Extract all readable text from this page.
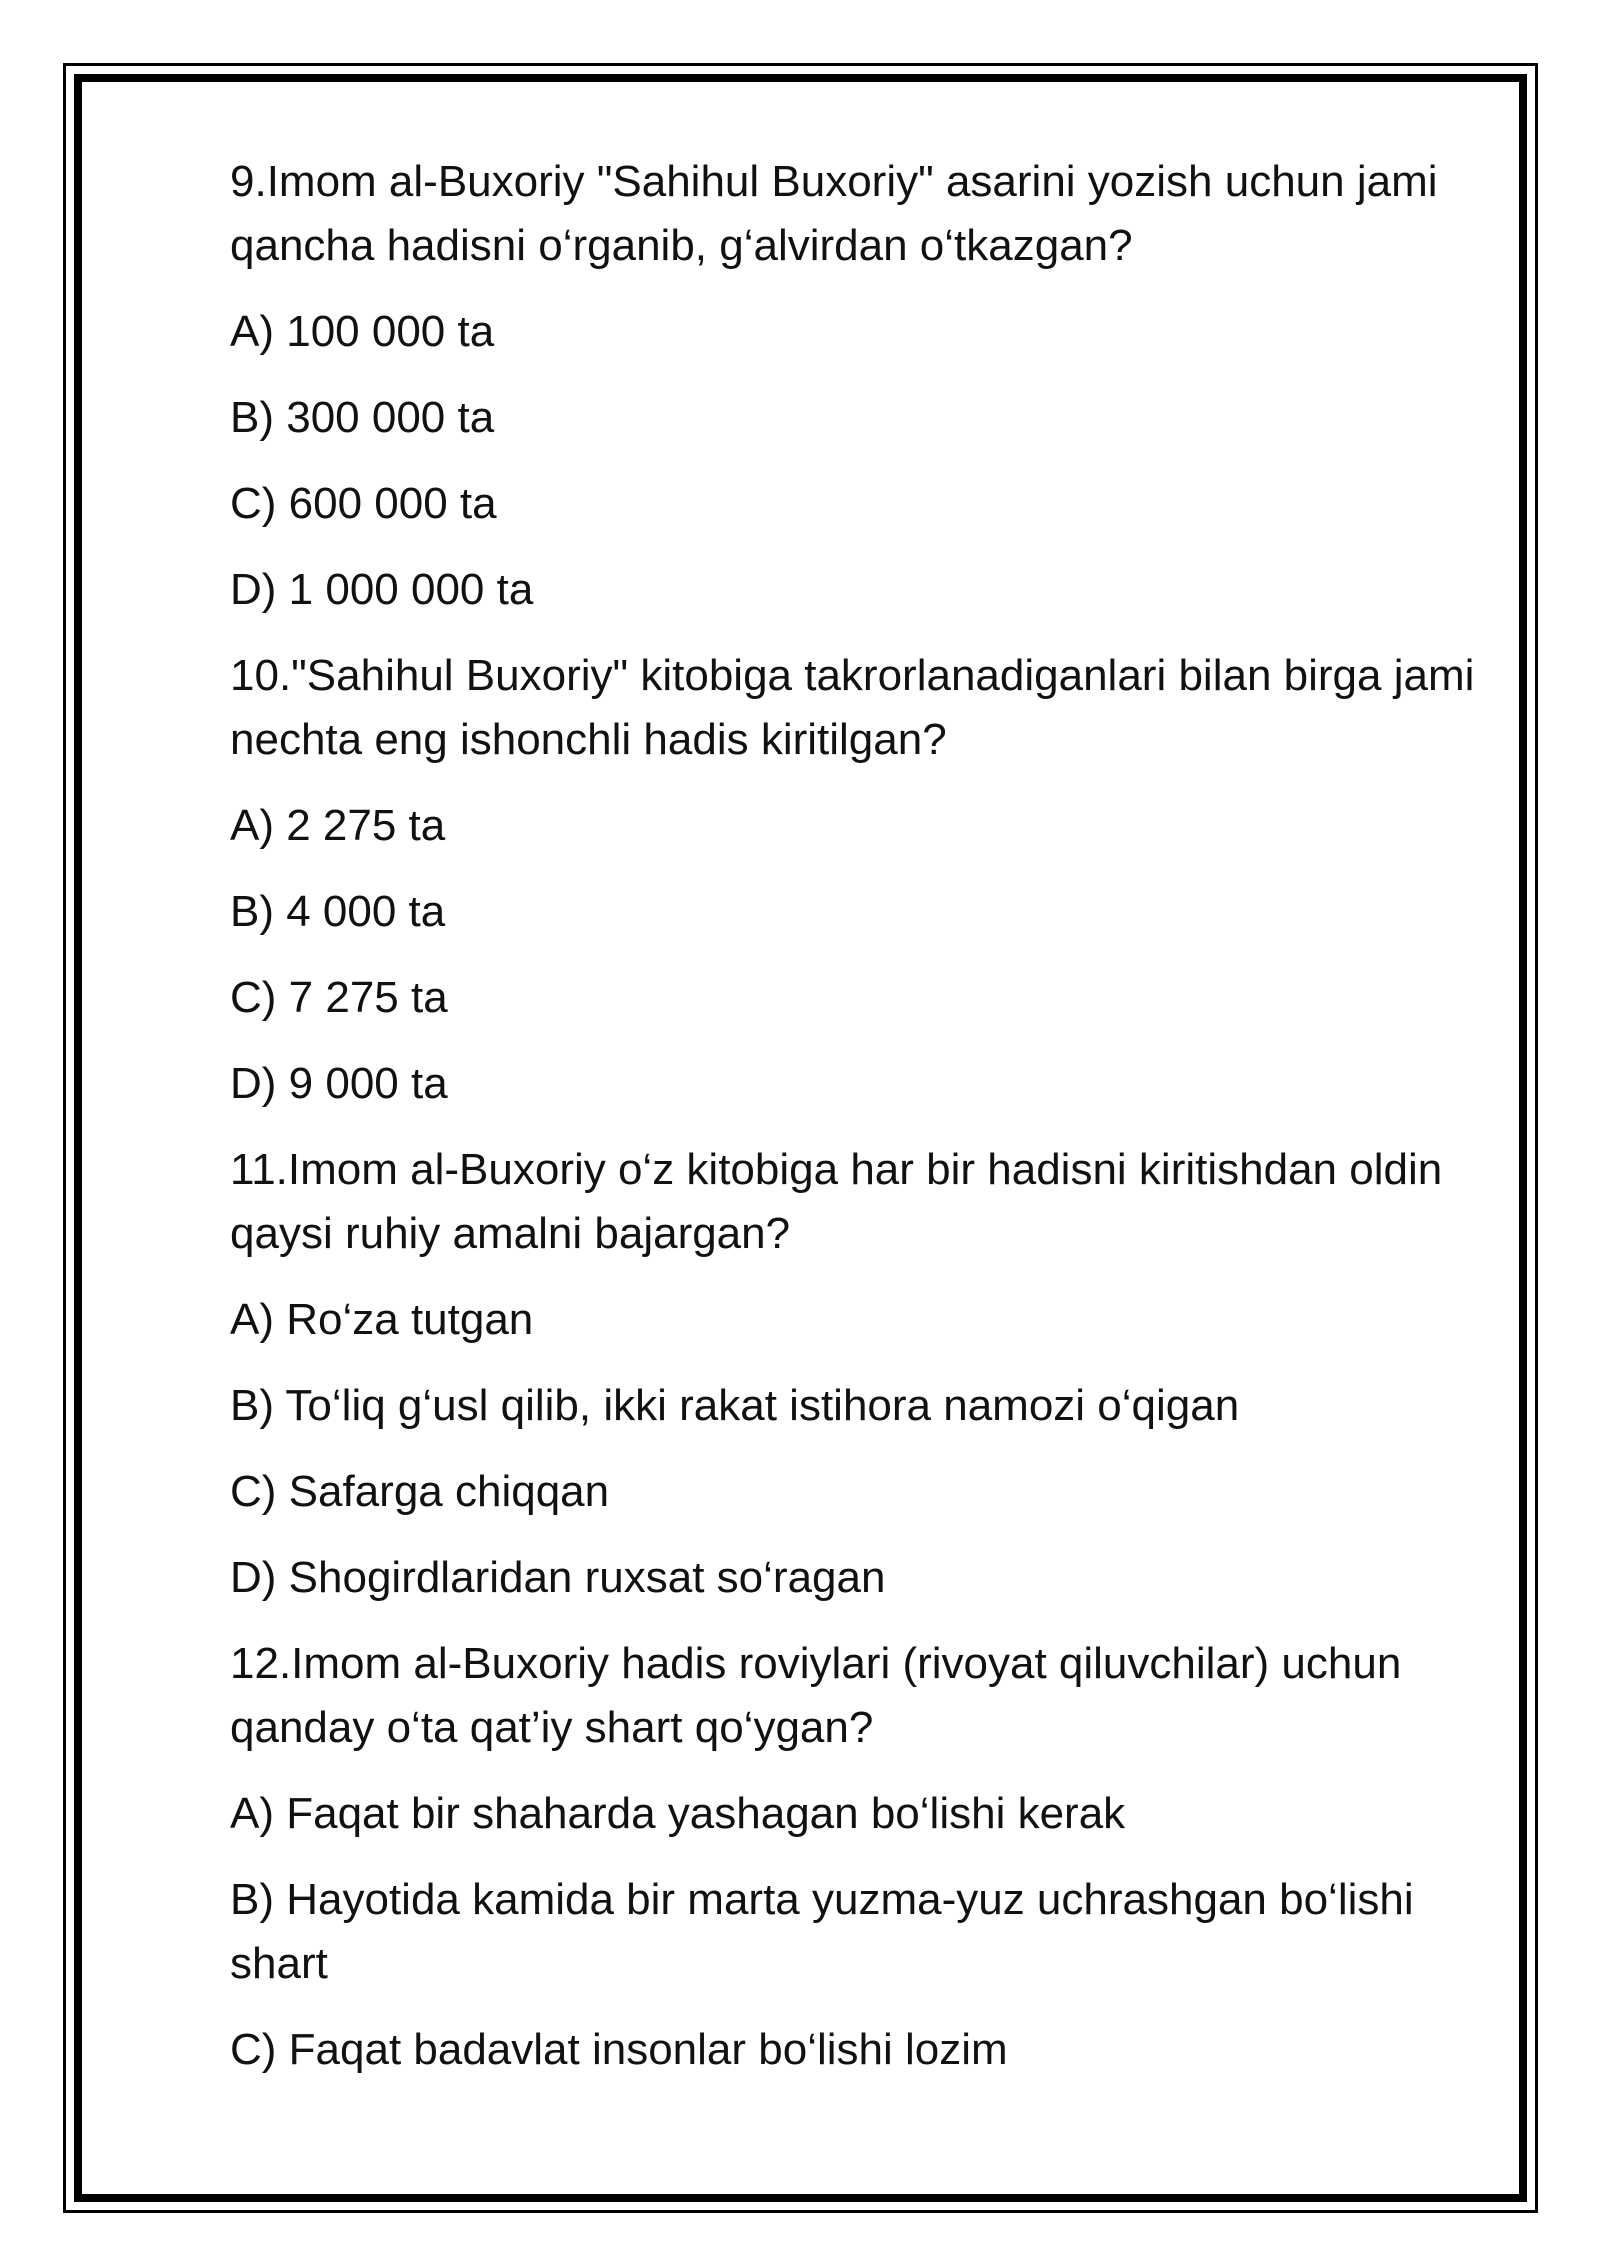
9.Imom al-Buxoriy "Sahihul Buxoriy" asarini yozish uchun jami qancha hadisni o‘rganib, g‘alvirdan o‘tkazgan?
A) 100 000 ta
B) 300 000 ta
C) 600 000 ta
D) 1 000 000 ta
10."Sahihul Buxoriy" kitobiga takrorlanadiganlari bilan birga jami nechta eng ishonchli hadis kiritilgan?
A) 2 275 ta
B) 4 000 ta
C) 7 275 ta
D) 9 000 ta
11.Imom al-Buxoriy o‘z kitobiga har bir hadisni kiritishdan oldin qaysi ruhiy amalni bajargan?
A) Ro‘za tutgan
B) To‘liq g‘usl qilib, ikki rakat istihora namozi o‘qigan
C) Safarga chiqqan
D) Shogirdlaridan ruxsat so‘ragan
12.Imom al-Buxoriy hadis roviylari (rivoyat qiluvchilar) uchun qanday o‘ta qat’iy shart qo‘ygan?
A) Faqat bir shaharda yashagan bo‘lishi kerak
B) Hayotida kamida bir marta yuzma-yuz uchrashgan bo‘lishi shart
C) Faqat badavlat insonlar bo‘lishi lozim
